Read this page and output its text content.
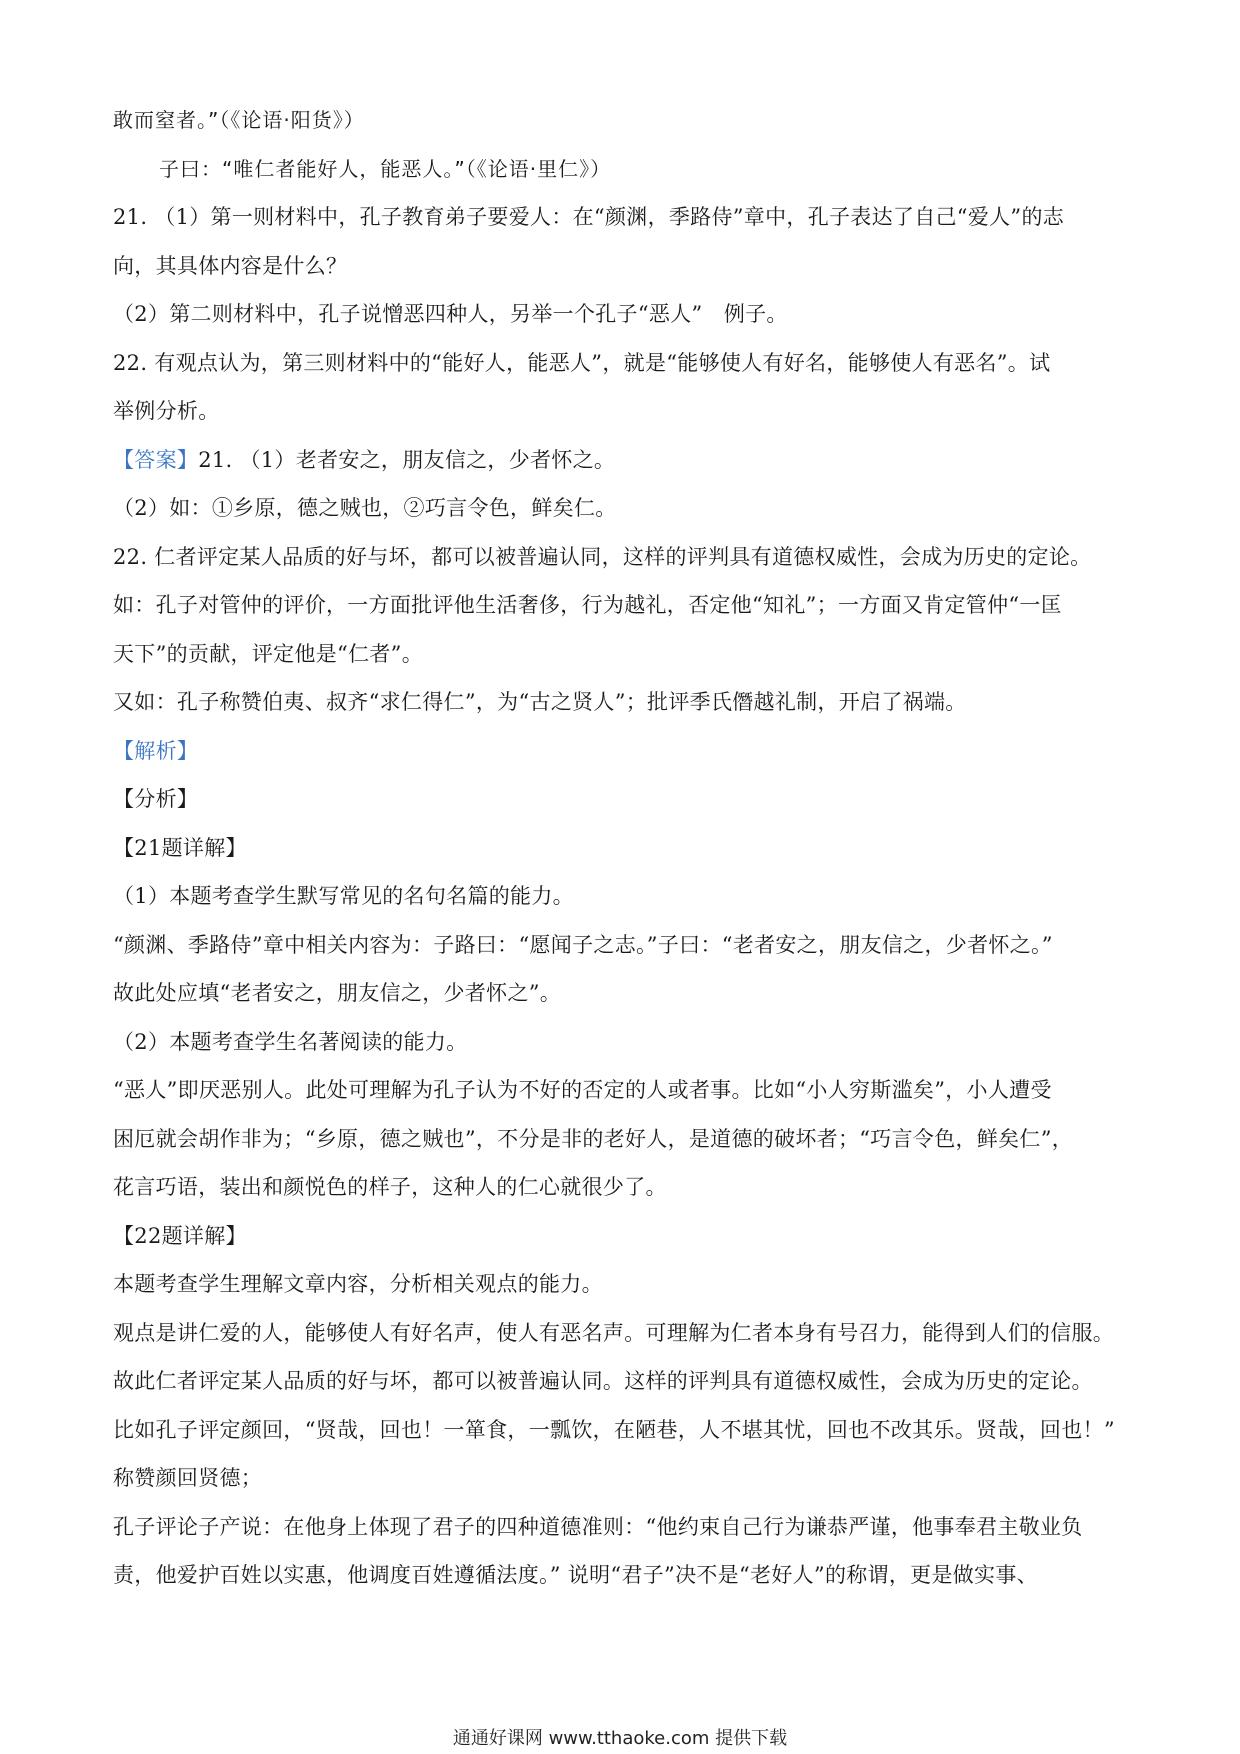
敢而窒者。”（《论语·阳货》）
子曰：“唯仁者能好人，能恶人。”（《论语·里仁》）
21. （1）第一则材料中，孔子教育弟子要爱人：在“颜渊，季路侍”章中，孔子表达了自己“爱人”的志
向，其具体内容是什么？
（2）第二则材料中，孔子说憎恶四种人，另举一个孔子“恶人”　例子。
22. 有观点认为，第三则材料中的“能好人，能恶人”，就是“能够使人有好名，能够使人有恶名”。试
举例分析。
【答案】21. （1）老者安之，朋友信之，少者怀之。
（2）如：①乡原，德之贼也，②巧言令色，鲜矣仁。
22. 仁者评定某人品质的好与坏，都可以被普遍认同，这样的评判具有道德权威性，会成为历史的定论。
如：孔子对管仲的评价，一方面批评他生活奢侈，行为越礼，否定他“知礼”；一方面又肯定管仲“一匡
天下”的贡献，评定他是“仁者”。
又如：孔子称赞伯夷、叔齐“求仁得仁”，为“古之贤人”；批评季氏僭越礼制，开启了祸端。
【解析】
【分析】
【21题详解】
（1）本题考查学生默写常见的名句名篇的能力。
“颜渊、季路侍”章中相关内容为：子路曰：“愿闻子之志。”子曰：“老者安之，朋友信之，少者怀之。”
故此处应填“老者安之，朋友信之，少者怀之”。
（2）本题考查学生名著阅读的能力。
“恶人”即厌恶别人。此处可理解为孔子认为不好的否定的人或者事。比如“小人穷斯滥矣”，小人遭受
困厄就会胡作非为；“乡原，德之贼也”，不分是非的老好人，是道德的破坏者；“巧言令色，鲜矣仁”，
花言巧语，装出和颜悦色的样子，这种人的仁心就很少了。
【22题详解】
本题考查学生理解文章内容，分析相关观点的能力。
观点是讲仁爱的人，能够使人有好名声，使人有恶名声。可理解为仁者本身有号召力，能得到人们的信服。
故此仁者评定某人品质的好与坏，都可以被普遍认同。这样的评判具有道德权威性，会成为历史的定论。
比如孔子评定颜回，“贤哉，回也！一箪食，一瓢饮，在陋巷，人不堪其忧，回也不改其乐。贤哉，回也！”
称赞颜回贤德；
孔子评论子产说：在他身上体现了君子的四种道德准则：“他约束自己行为谦恭严谨，他事奉君主敬业负
责，他爱护百姓以实惠，他调度百姓遵循法度。” 说明“君子”决不是“老好人”的称谓，更是做实事、
通通好课网 www.tthaoke.com 提供下载
